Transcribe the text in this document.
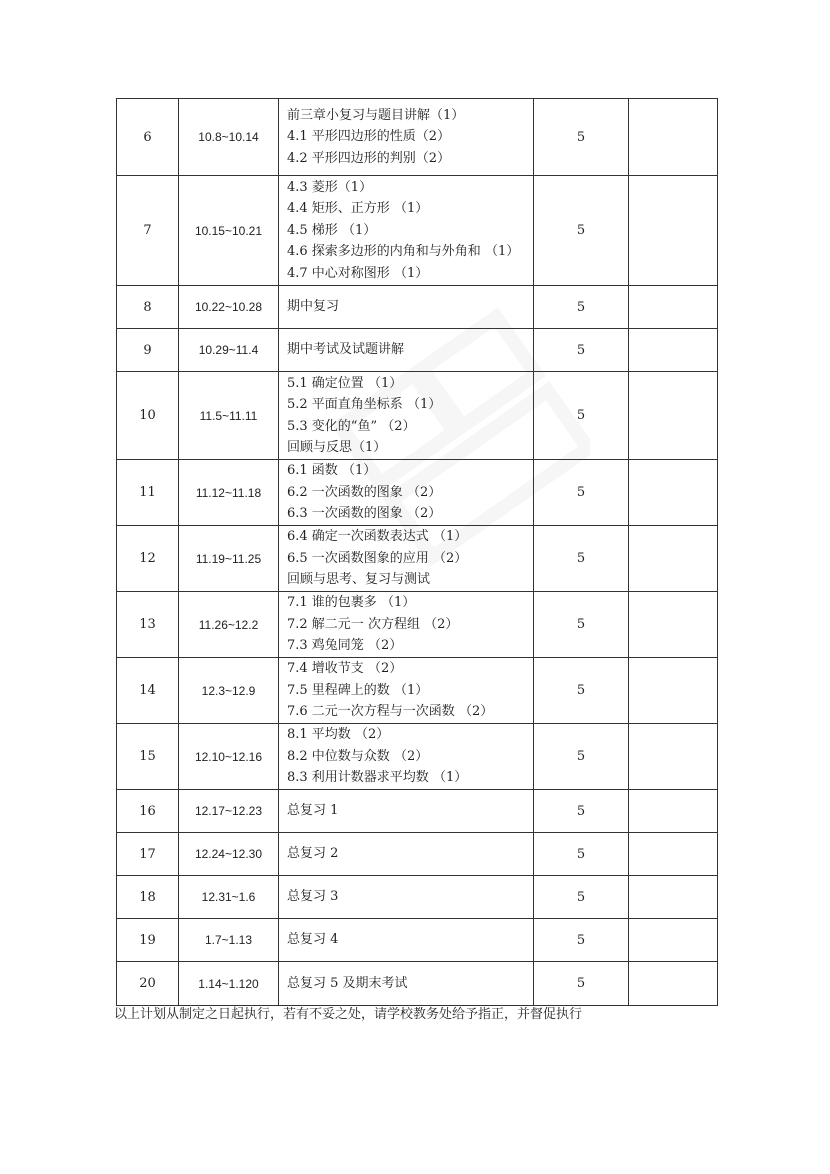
6	10.8~10.14	前三章小复习与题目讲解（1）
4.1 平形四边形的性质（2）
4.2 平形四边形的判别（2）	5	
7	10.15~10.21	4.3 菱形（1）
4.4 矩形、正方形 （1）
4.5 梯形 （1）
4.6 探索多边形的内角和与外角和 （1）
4.7 中心对称图形 （1）	5	
8	10.22~10.28	期中复习	5	
9	10.29~11.4	期中考试及试题讲解	5	
10	11.5~11.11	5.1 确定位置 （1）
5.2 平面直角坐标系 （1）
5.3 变化的“鱼” （2）
回顾与反思（1）	5	
11	11.12~11.18	6.1 函数 （1）
6.2 一次函数的图象 （2）
6.3 一次函数的图象 （2）	5	
12	11.19~11.25	6.4 确定一次函数表达式 （1）
6.5 一次函数图象的应用 （2）
回顾与思考、复习与测试	5	
13	11.26~12.2	7.1 谁的包裹多 （1）
7.2 解二元一 次方程组 （2）
7.3 鸡兔同笼 （2）	5	
14	12.3~12.9	7.4 增收节支 （2）
7.5 里程碑上的数 （1）
7.6 二元一次方程与一次函数 （2）	5	
15	12.10~12.16	8.1 平均数 （2）
8.2 中位数与众数 （2）
8.3 利用计数器求平均数 （1）	5	
16	12.17~12.23	总复习 1	5	
17	12.24~12.30	总复习 2	5	
18	12.31~1.6	总复习 3	5	
19	1.7~1.13	总复习 4	5	
20	1.14~1.120	总复习 5 及期末考试	5	
以上计划从制定之日起执行，若有不妥之处，请学校教务处给予指正，并督促执行
